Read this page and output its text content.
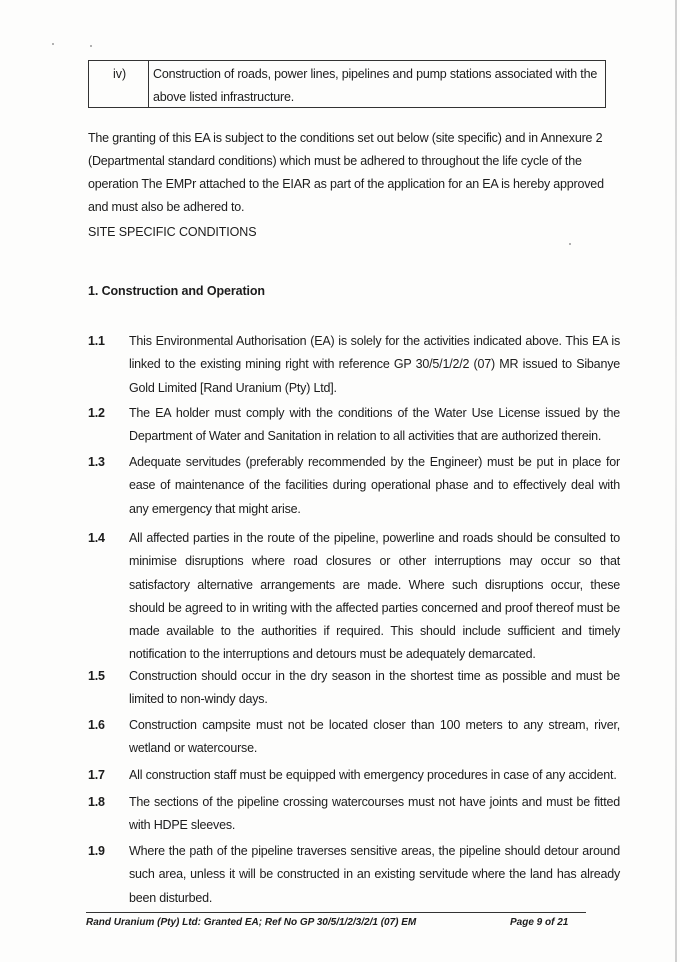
iv)	Construction of roads, power lines, pipelines and pump stations associated with the above listed infrastructure.
The granting of this EA is subject to the conditions set out below (site specific) and in Annexure 2 (Departmental standard conditions) which must be adhered to throughout the life cycle of the operation The EMPr attached to the EIAR as part of the application for an EA is hereby approved and must also be adhered to.
SITE SPECIFIC CONDITIONS
1. Construction and Operation
1.1	This Environmental Authorisation (EA) is solely for the activities indicated above. This EA is linked to the existing mining right with reference GP 30/5/1/2/2 (07) MR issued to Sibanye Gold Limited [Rand Uranium (Pty) Ltd].
1.2	The EA holder must comply with the conditions of the Water Use License issued by the Department of Water and Sanitation in relation to all activities that are authorized therein.
1.3	Adequate servitudes (preferably recommended by the Engineer) must be put in place for ease of maintenance of the facilities during operational phase and to effectively deal with any emergency that might arise.
1.4	All affected parties in the route of the pipeline, powerline and roads should be consulted to minimise disruptions where road closures or other interruptions may occur so that satisfactory alternative arrangements are made. Where such disruptions occur, these should be agreed to in writing with the affected parties concerned and proof thereof must be made available to the authorities if required. This should include sufficient and timely notification to the interruptions and detours must be adequately demarcated.
1.5	Construction should occur in the dry season in the shortest time as possible and must be limited to non-windy days.
1.6	Construction campsite must not be located closer than 100 meters to any stream, river, wetland or watercourse.
1.7	All construction staff must be equipped with emergency procedures in case of any accident.
1.8	The sections of the pipeline crossing watercourses must not have joints and must be fitted with HDPE sleeves.
1.9	Where the path of the pipeline traverses sensitive areas, the pipeline should detour around such area, unless it will be constructed in an existing servitude where the land has already been disturbed.
Rand Uranium (Pty) Ltd: Granted EA; Ref No GP 30/5/1/2/3/2/1 (07) EM	Page 9 of 21
